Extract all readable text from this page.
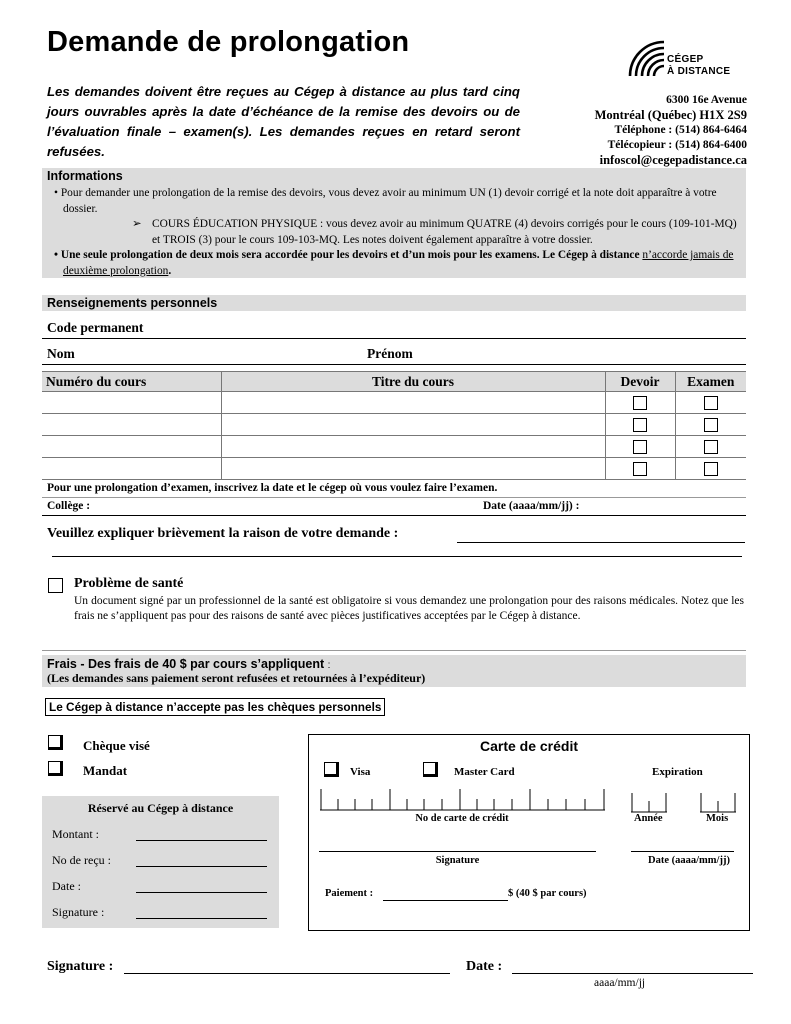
Demande de prolongation
Les demandes doivent être reçues au Cégep à distance au plus tard cinq jours ouvrables après la date d’échéance de la remise des devoirs ou de l’évaluation finale – examen(s). Les demandes reçues en retard seront refusées.
CÉGEP
À DISTANCE
6300 16e Avenue
Montréal (Québec) H1X 2S9
Téléphone : (514) 864-6464
Télécopieur : (514) 864-6400
infoscol@cegepadistance.ca
Informations
• Pour demander une prolongation de la remise des devoirs, vous devez avoir au minimum UN (1) devoir corrigé et la note doit apparaître à votre dossier.
➢ COURS ÉDUCATION PHYSIQUE : vous devez avoir au minimum QUATRE (4) devoirs corrigés pour le cours (109-101-MQ) et TROIS (3) pour le cours 109-103-MQ. Les notes doivent également apparaître à votre dossier.
• Une seule prolongation de deux mois sera accordée pour les devoirs et d’un mois pour les examens. Le Cégep à distance n’accorde jamais de deuxième prolongation.
Renseignements personnels
Code permanent
Nom	Prénom
Numéro du cours	Titre du cours	Devoir	Examen

Pour une prolongation d’examen, inscrivez la date et le cégep où vous voulez faire l’examen.
Collège :	Date (aaaa/mm/jj) :
Veuillez expliquer brièvement la raison de votre demande :
Problème de santé
Un document signé par un professionnel de la santé est obligatoire si vous demandez une prolongation pour des raisons médicales. Notez que les frais ne s’appliquent pas pour des raisons de santé avec pièces justificatives acceptées par le Cégep à distance.
Frais - Des frais de 40 $ par cours s’appliquent :
(Les demandes sans paiement seront refusées et retournées à l’expéditeur)
Le Cégep à distance n’accepte pas les chèques personnels
Chèque visé
Mandat
Réservé au Cégep à distance
Montant :
No de reçu :
Date :
Signature :
Carte de crédit
Visa	Master Card	Expiration
No de carte de crédit	Année	Mois
Signature	Date (aaaa/mm/jj)
Paiement :	$ (40 $ par cours)
Signature :	Date :
aaaa/mm/jj
